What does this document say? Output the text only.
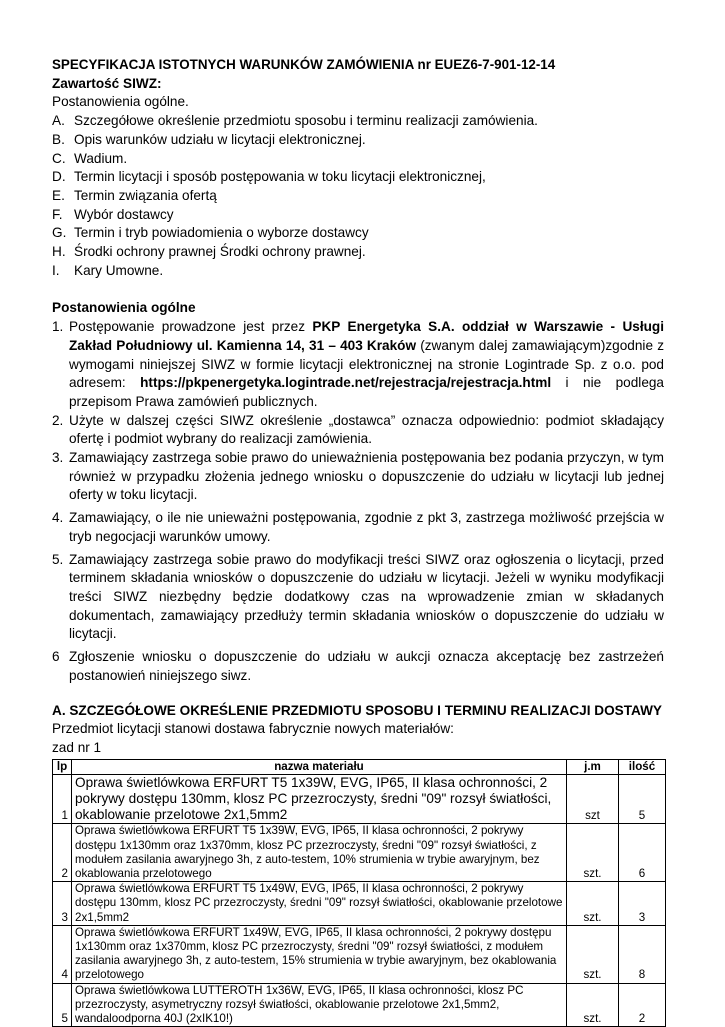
SPECYFIKACJA ISTOTNYCH WARUNKÓW ZAMÓWIENIA nr EUEZ6-7-901-12-14
Zawartość SIWZ:
Postanowienia ogólne.
A. Szczegółowe określenie przedmiotu sposobu i terminu realizacji zamówienia.
B. Opis warunków udziału w licytacji elektronicznej.
C. Wadium.
D. Termin licytacji i sposób postępowania w toku licytacji elektronicznej,
E. Termin związania ofertą
F. Wybór dostawcy
G. Termin i tryb powiadomienia o wyborze dostawcy
H. Środki ochrony prawnej Środki ochrony prawnej.
I.	Kary Umowne.
Postanowienia ogólne
1. Postępowanie prowadzone jest przez PKP Energetyka S.A. oddział w Warszawie - Usługi Zakład Południowy ul. Kamienna 14, 31 – 403 Kraków (zwanym dalej zamawiającym)zgodnie z wymogami niniejszej SIWZ w formie licytacji elektronicznej na stronie Logintrade Sp. z o.o. pod adresem: https://pkpenergetyka.logintrade.net/rejestracja/rejestracja.html i nie podlega przepisom Prawa zamówień publicznych.
2. Użyte w dalszej części SIWZ określenie „dostawca” oznacza odpowiednio: podmiot składający ofertę i podmiot wybrany do realizacji zamówienia.
3. Zamawiający zastrzega sobie prawo do unieważnienia postępowania bez podania przyczyn, w tym również w przypadku złożenia jednego wniosku o dopuszczenie do udziału w licytacji lub jednej oferty w toku licytacji.
4. Zamawiający, o ile nie unieważni postępowania, zgodnie z pkt 3, zastrzega możliwość przejścia w tryb negocjacji warunków umowy.
5. Zamawiający zastrzega sobie prawo do modyfikacji treści SIWZ oraz ogłoszenia o licytacji, przed terminem składania wniosków o dopuszczenie do udziału w licytacji. Jeżeli w wyniku modyfikacji treści SIWZ niezbędny będzie dodatkowy czas na wprowadzenie zmian w składanych dokumentach, zamawiający przedłuży termin składania wniosków o dopuszczenie do udziału w licytacji.
6 Zgłoszenie wniosku o dopuszczenie do udziału w aukcji oznacza akceptację bez zastrzeżeń postanowień niniejszego siwz.
A. SZCZEGÓŁOWE OKREŚLENIE PRZEDMIOTU SPOSOBU I TERMINU REALIZACJI DOSTAWY
Przedmiot licytacji stanowi dostawa fabrycznie nowych materiałów:
zad nr 1
lp	nazwa materiału	j.m	ilość
1	Oprawa świetlówkowa ERFURT T5 1x39W, EVG, IP65, II klasa ochronności, 2 pokrywy dostępu 130mm, klosz PC przezroczysty, średni "09" rozsył światłości, okablowanie przelotowe 2x1,5mm2	szt	5
2	Oprawa świetlówkowa ERFURT T5 1x39W, EVG, IP65, II klasa ochronności, 2 pokrywy dostępu 1x130mm oraz 1x370mm, klosz PC przezroczysty, średni "09" rozsył światłości, z modułem zasilania awaryjnego 3h, z auto-testem, 10% strumienia w trybie awaryjnym, bez okablowania przelotowego	szt.	6
3	Oprawa świetlówkowa ERFURT T5 1x49W, EVG, IP65, II klasa ochronności, 2 pokrywy dostępu 130mm, klosz PC przezroczysty, średni "09" rozsył światłości, okablowanie przelotowe 2x1,5mm2	szt.	3
4	Oprawa świetlówkowa ERFURT 1x49W, EVG, IP65, II klasa ochronności, 2 pokrywy dostępu 1x130mm oraz 1x370mm, klosz PC przezroczysty, średni "09" rozsył światłości, z modułem zasilania awaryjnego 3h, z auto-testem, 15% strumienia w trybie awaryjnym, bez okablowania przelotowego	szt.	8
5	Oprawa świetlówkowa LUTTEROTH 1x36W, EVG, IP65, II klasa ochronności, klosz PC przezroczysty, asymetryczny rozsył światłości, okablowanie przelotowe 2x1,5mm2, wandaloodporna 40J (2xIK10!)	szt.	2
